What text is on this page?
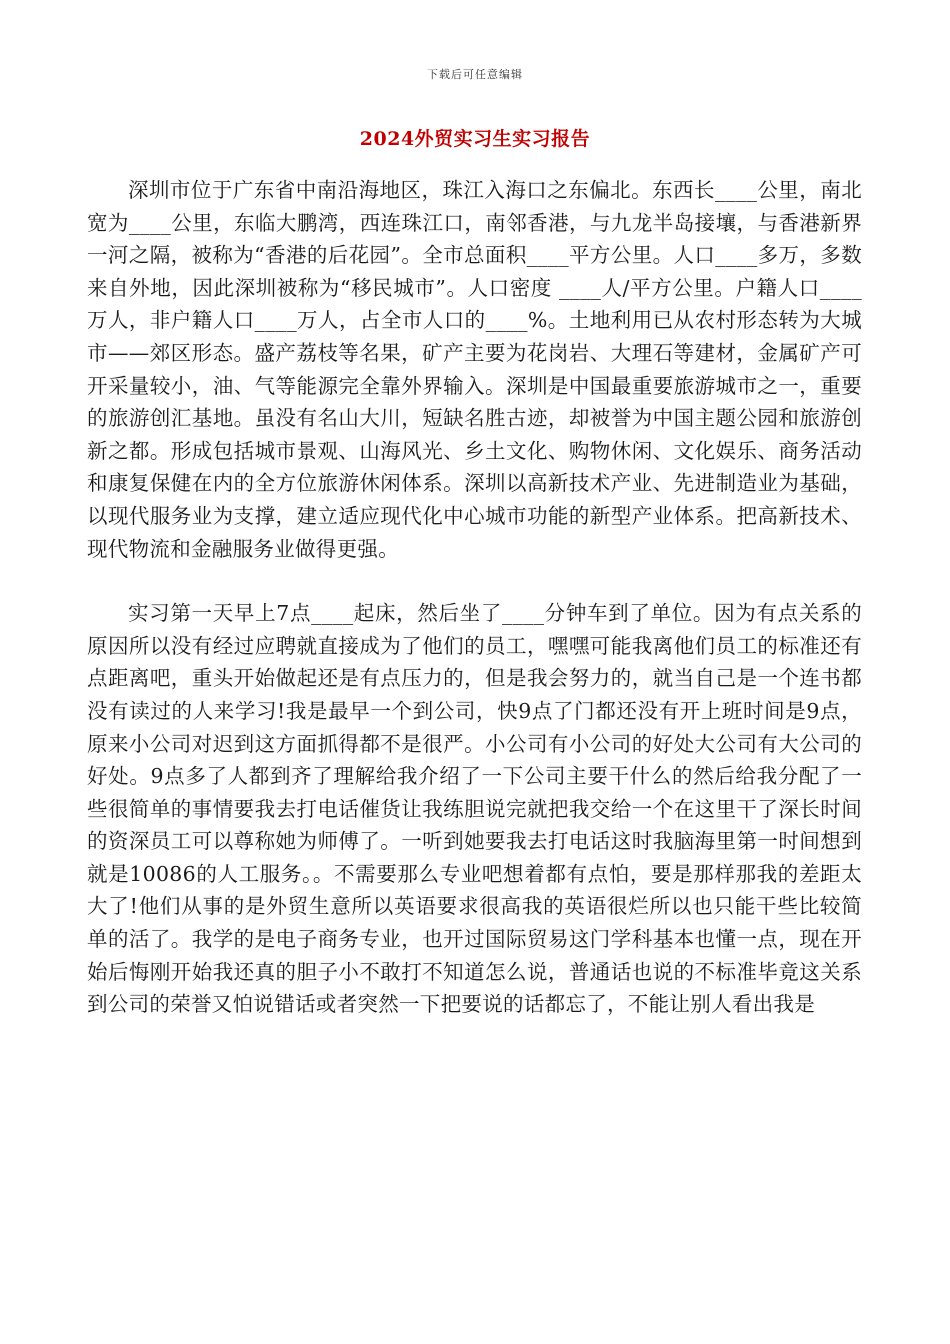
下载后可任意编辑
2024外贸实习生实习报告

深圳市位于广东省中南沿海地区，珠江入海口之东偏北。东西长____公里，南北宽为____公里，东临大鹏湾，西连珠江口，南邻香港，与九龙半岛接壤，与香港新界一河之隔，被称为“香港的后花园”。全市总面积____平方公里。人口____多万，多数来自外地，因此深圳被称为“移民城市”。人口密度 ____人/平方公里。户籍人口____万人，非户籍人口____万人，占全市人口的____%。土地利用已从农村形态转为大城市——郊区形态。盛产荔枝等名果，矿产主要为花岗岩、大理石等建材，金属矿产可开采量较小，油、气等能源完全靠外界输入。深圳是中国最重要旅游城市之一，重要的旅游创汇基地。虽没有名山大川，短缺名胜古迹，却被誉为中国主题公园和旅游创新之都。形成包括城市景观、山海风光、乡土文化、购物休闲、文化娱乐、商务活动和康复保健在内的全方位旅游休闲体系。深圳以高新技术产业、先进制造业为基础，以现代服务业为支撑，建立适应现代化中心城市功能的新型产业体系。把高新技术、现代物流和金融服务业做得更强。

实习第一天早上7点____起床，然后坐了____分钟车到了单位。因为有点关系的原因所以没有经过应聘就直接成为了他们的员工，嘿嘿可能我离他们员工的标准还有点距离吧，重头开始做起还是有点压力的，但是我会努力的，就当自己是一个连书都没有读过的人来学习!我是最早一个到公司，快9点了门都还没有开上班时间是9点，原来小公司对迟到这方面抓得都不是很严。小公司有小公司的好处大公司有大公司的好处。9点多了人都到齐了理解给我介绍了一下公司主要干什么的然后给我分配了一些很简单的事情要我去打电话催货让我练胆说完就把我交给一个在这里干了深长时间的资深员工可以尊称她为师傅了。一听到她要我去打电话这时我脑海里第一时间想到就是10086的人工服务。。不需要那么专业吧想着都有点怕，要是那样那我的差距太大了!他们从事的是外贸生意所以英语要求很高我的英语很烂所以也只能干些比较简单的活了。我学的是电子商务专业，也开过国际贸易这门学科基本也懂一点，现在开始后悔刚开始我还真的胆子小不敢打不知道怎么说，普通话也说的不标准毕竟这关系到公司的荣誉又怕说错话或者突然一下把要说的话都忘了，不能让别人看出我是
